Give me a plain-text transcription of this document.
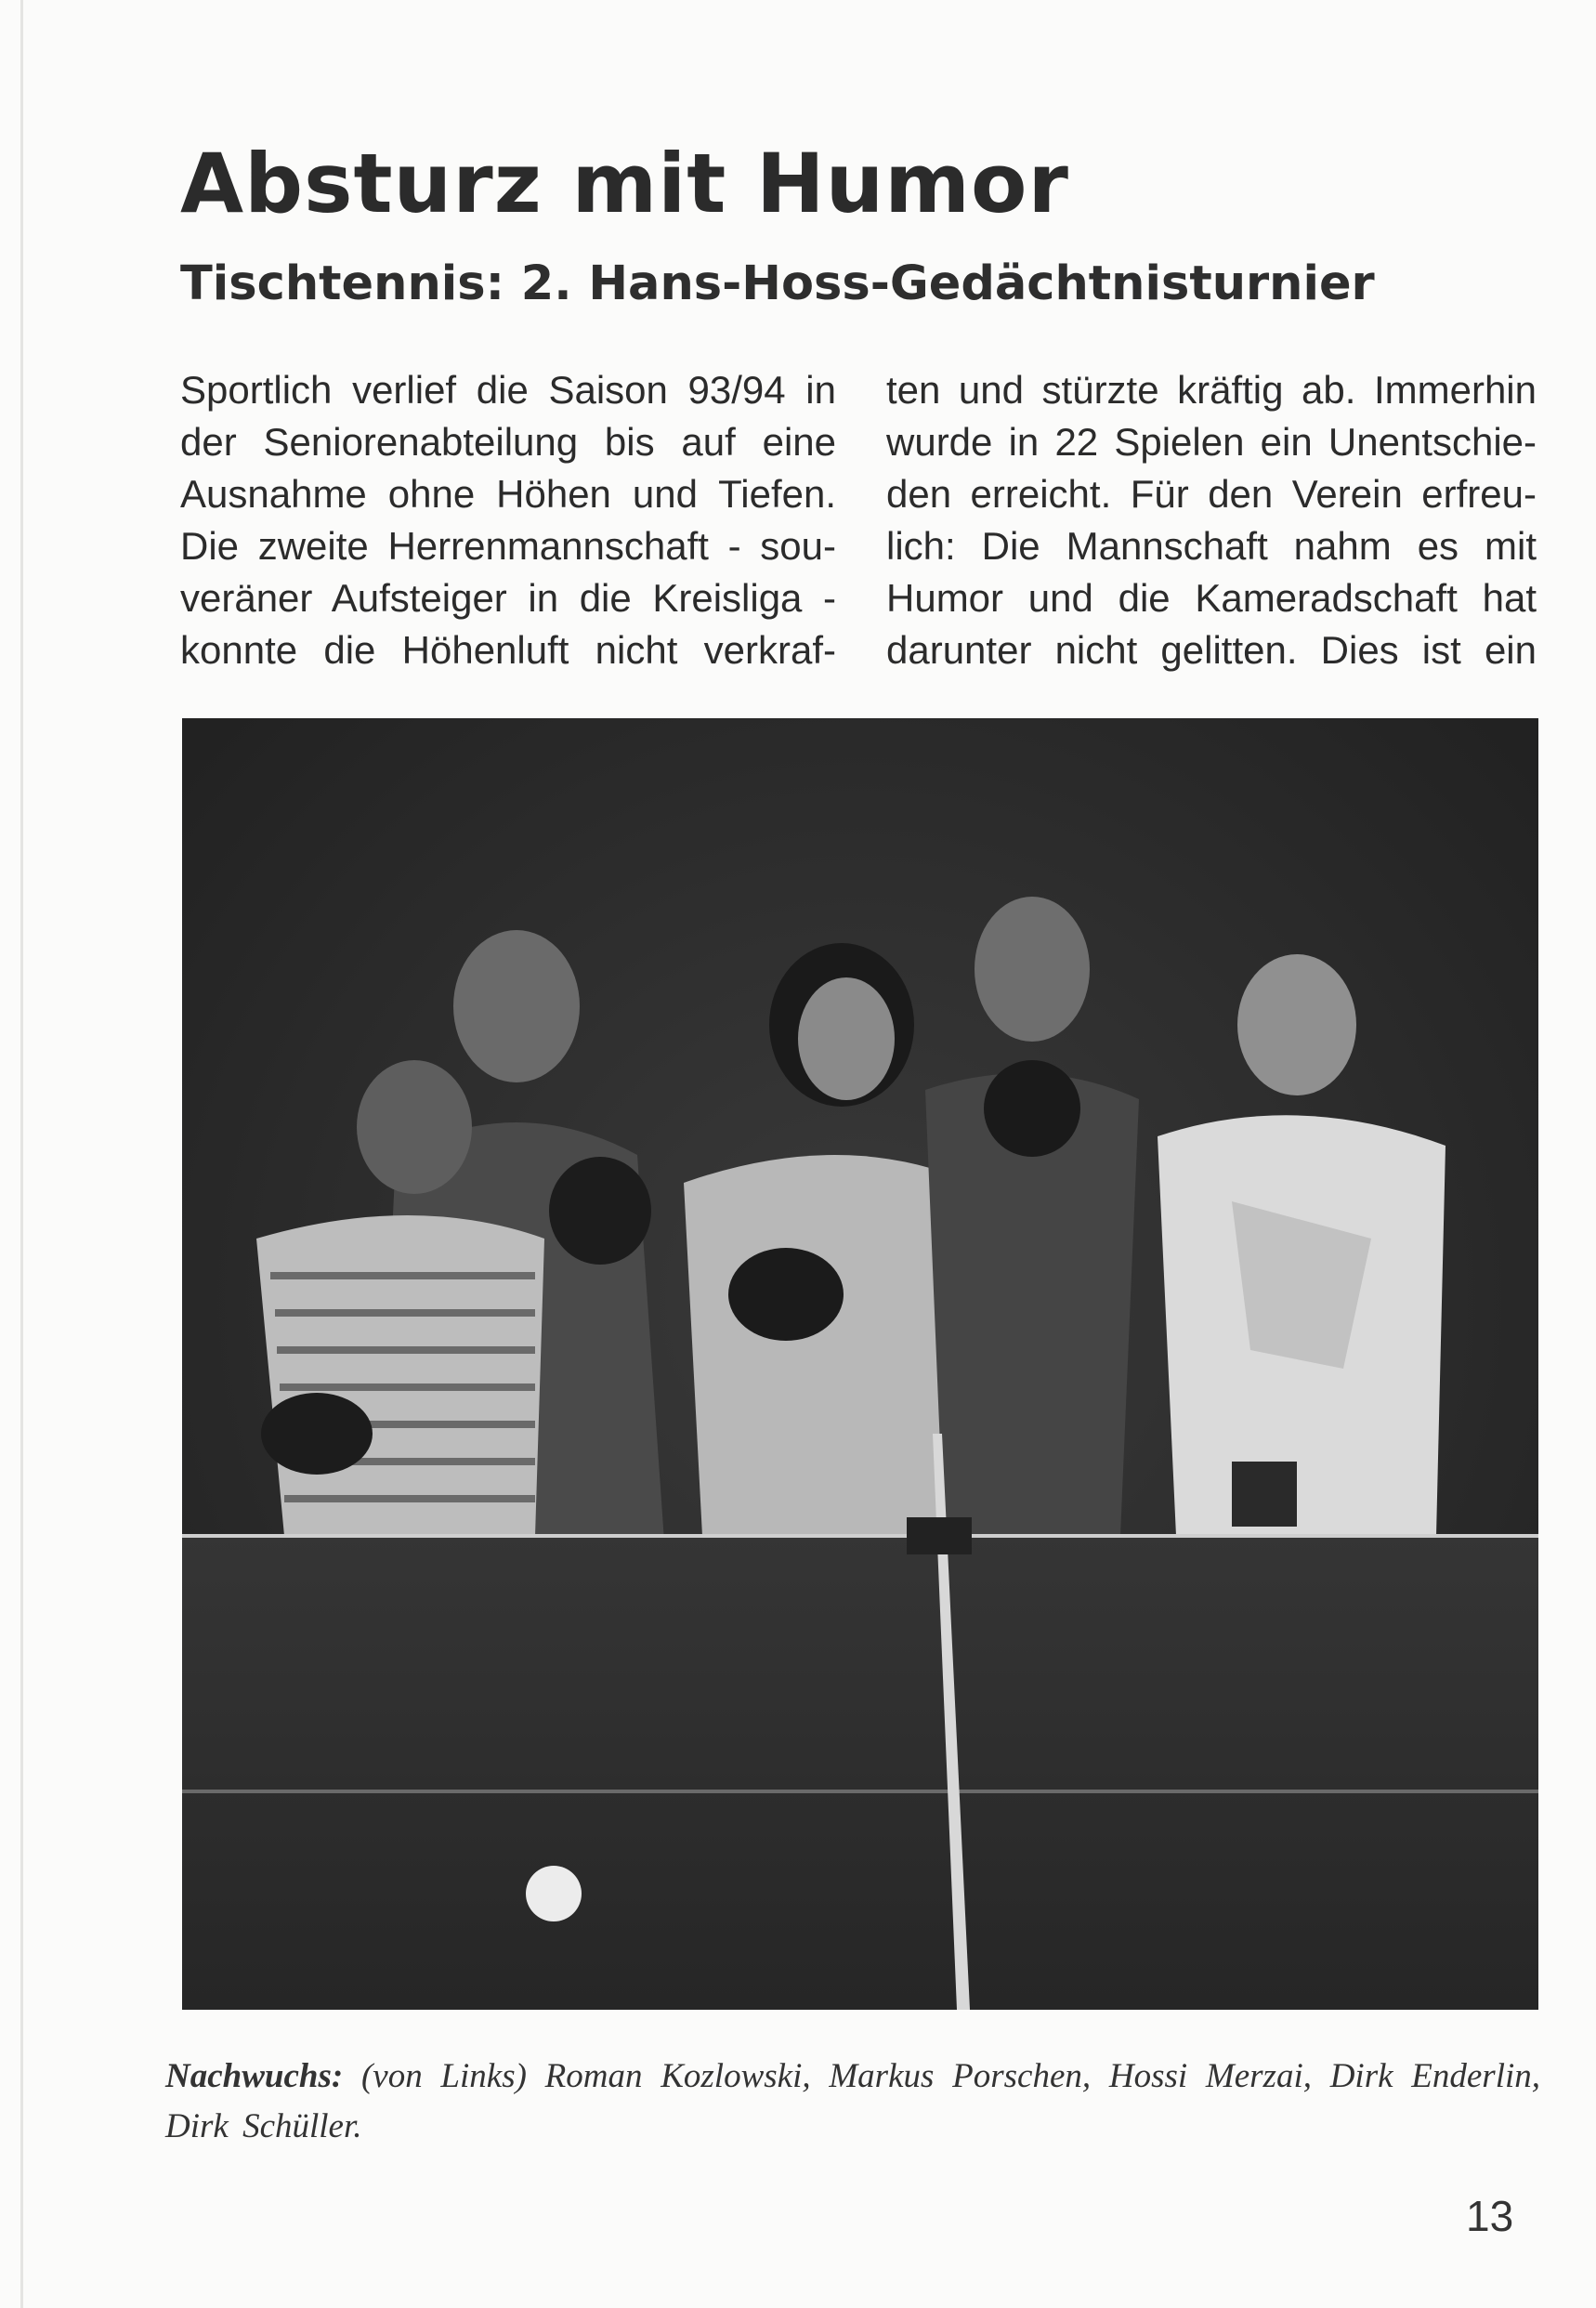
Absturz mit Humor
Tischtennis: 2. Hans-Hoss-Gedächtnisturnier
Sportlich verlief die Saison 93/94 in
der Seniorenabteilung bis auf eine
Ausnahme ohne Höhen und Tiefen.
Die zweite Herrenmannschaft - sou-
veräner Aufsteiger in die Kreisliga -
konnte die Höhenluft nicht verkraf-
ten und stürzte kräftig ab. Immerhin
wurde in 22 Spielen ein Unentschie-
den erreicht. Für den Verein erfreu-
lich: Die Mannschaft nahm es mit
Humor und die Kameradschaft hat
darunter nicht gelitten. Dies ist ein
Nachwuchs: (von Links) Roman Kozlowski, Markus Porschen, Hossi Merzai, Dirk Enderlin, Dirk Schüller.
13
